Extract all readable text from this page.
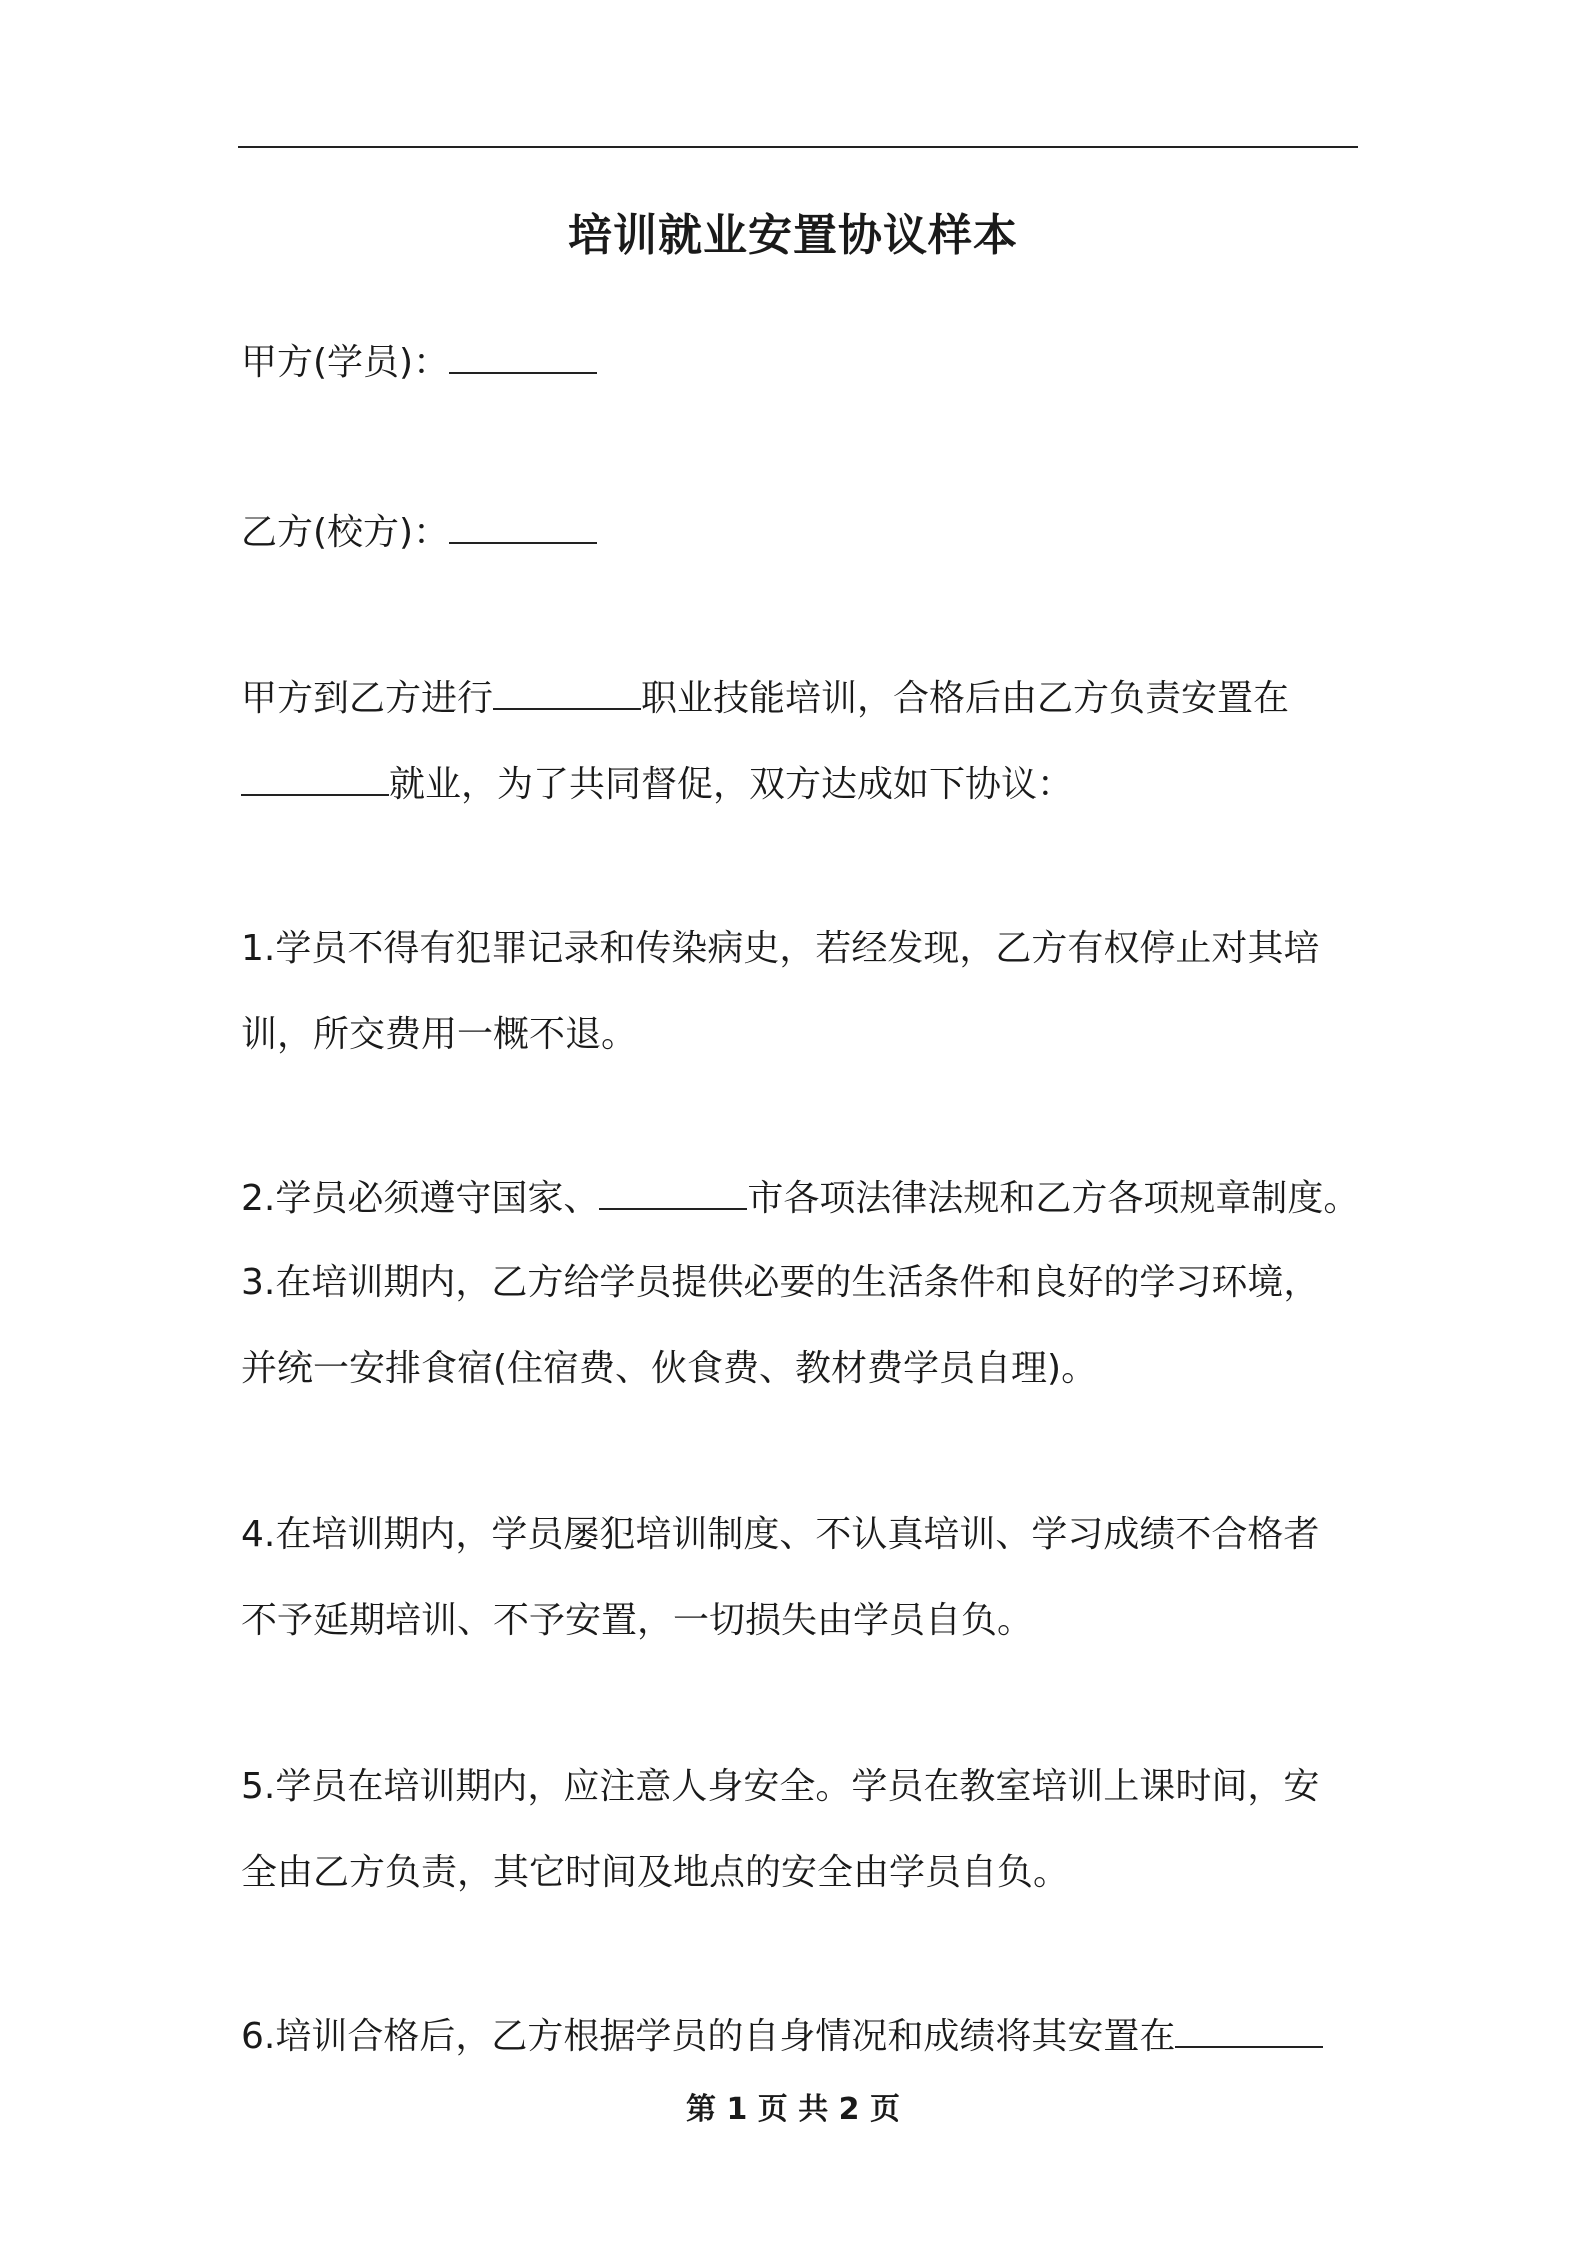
培训就业安置协议样本
甲方(学员)：
乙方(校方)：
甲方到乙方进行	职业技能培训，合格后由乙方负责安置在
就业，为了共同督促，双方达成如下协议：
1.学员不得有犯罪记录和传染病史，若经发现，乙方有权停止对其培
训，所交费用一概不退。
2.学员必须遵守国家、	市各项法律法规和乙方各项规章制度。
3.在培训期内，乙方给学员提供必要的生活条件和良好的学习环境，
并统一安排食宿(住宿费、伙食费、教材费学员自理)。
4.在培训期内，学员屡犯培训制度、不认真培训、学习成绩不合格者
不予延期培训、不予安置，一切损失由学员自负。
5.学员在培训期内，应注意人身安全。学员在教室培训上课时间，安
全由乙方负责，其它时间及地点的安全由学员自负。
6.培训合格后，乙方根据学员的自身情况和成绩将其安置在
第 1 页 共 2 页
